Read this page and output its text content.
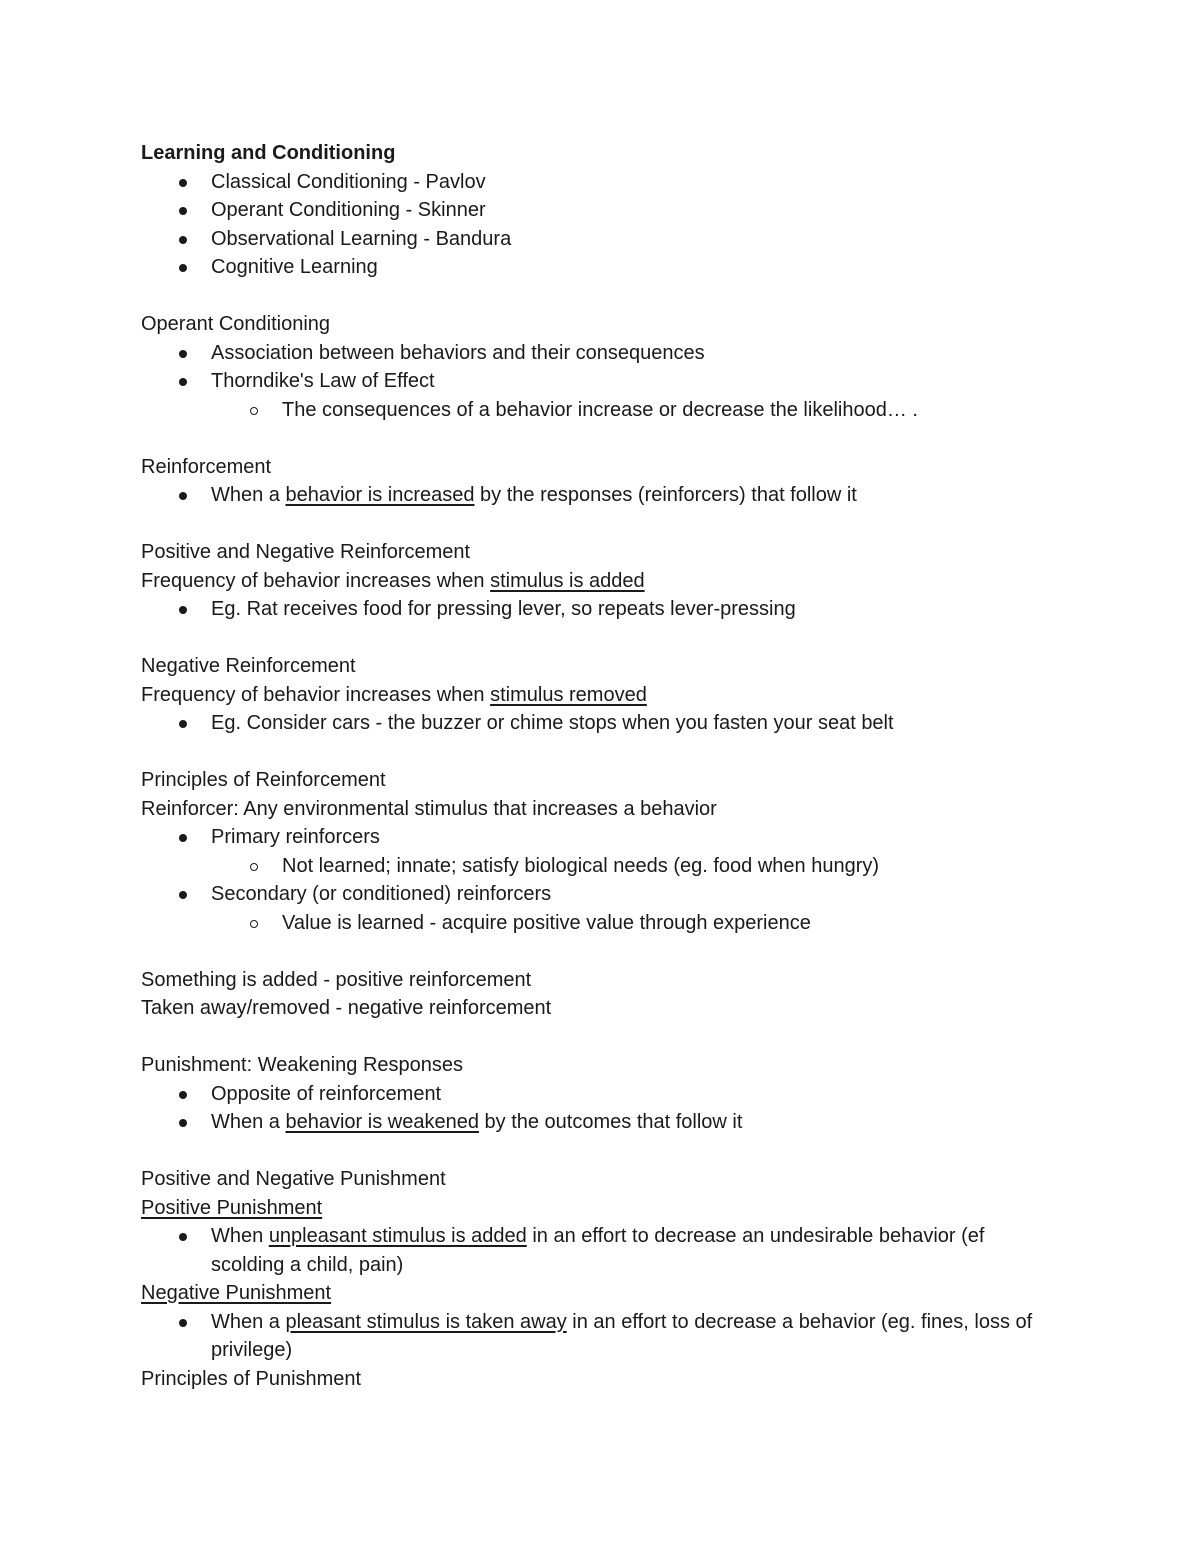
Learning and Conditioning
Classical Conditioning - Pavlov
Operant Conditioning - Skinner
Observational Learning - Bandura
Cognitive Learning
Operant Conditioning
Association between behaviors and their consequences
Thorndike's Law of Effect
The consequences of a behavior increase or decrease the likelihood… .
Reinforcement
When a behavior is increased by the responses (reinforcers) that follow it
Positive and Negative Reinforcement
Frequency of behavior increases when stimulus is added
Eg. Rat receives food for pressing lever, so repeats lever-pressing
Negative Reinforcement
Frequency of behavior increases when stimulus removed
Eg. Consider cars - the buzzer or chime stops when you fasten your seat belt
Principles of Reinforcement
Reinforcer: Any environmental stimulus that increases a behavior
Primary reinforcers
Not learned; innate; satisfy biological needs (eg. food when hungry)
Secondary (or conditioned) reinforcers
Value is learned - acquire positive value through experience
Something is added - positive reinforcement
Taken away/removed - negative reinforcement
Punishment: Weakening Responses
Opposite of reinforcement
When a behavior is weakened by the outcomes that follow it
Positive and Negative Punishment
Positive Punishment
When unpleasant stimulus is added in an effort to decrease an undesirable behavior (ef scolding a child, pain)
Negative Punishment
When a pleasant stimulus is taken away in an effort to decrease a behavior (eg. fines, loss of privilege)
Principles of Punishment
